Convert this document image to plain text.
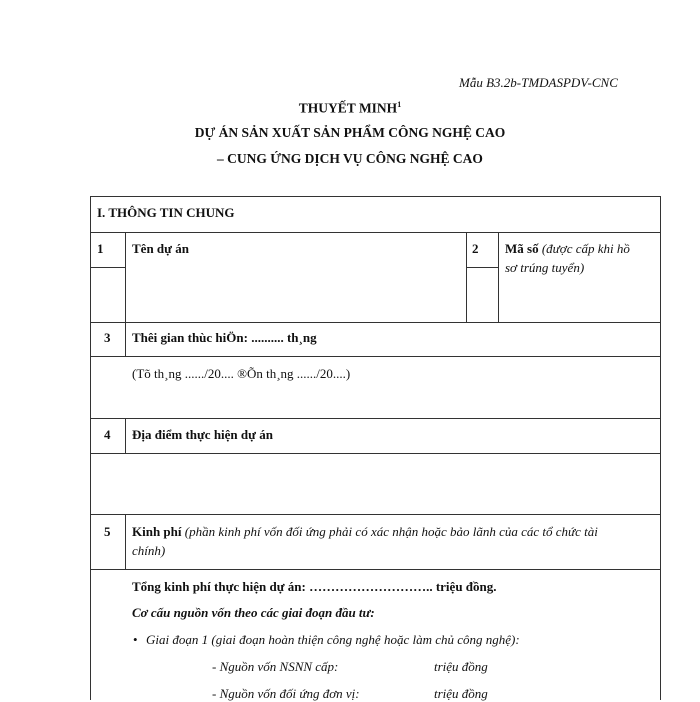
Mẫu B3.2b-TMDASPDV-CNC
THUYẾT MINH$^1$
DỰ ÁN SẢN XUẤT SẢN PHẨM CÔNG NGHỆ CAO
– CUNG ỨNG DỊCH VỤ CÔNG NGHỆ CAO
I. THÔNG TIN CHUNG
1 Tên dự án	2 Mã số (được cấp khi hồ
sơ trúng tuyển)
3 Thêi gian thùc hiÖn: .......... th¸ng
(Tõ th¸ng ....../20.... ®Õn th¸ng ....../20....)
4 Địa điểm thực hiện dự án
5 Kinh phí (phần kinh phí vốn đối ứng phải có xác nhận hoặc bảo lãnh của các tổ chức tài
chính)
Tổng kinh phí thực hiện dự án: ……………………….. triệu đồng.
Cơ cấu nguồn vốn theo các giai đoạn đầu tư:
• Giai đoạn 1 (giai đoạn hoàn thiện công nghệ hoặc làm chủ công nghệ):
- Nguồn vốn NSNN cấp:	triệu đồng
- Nguồn vốn đối ứng đơn vị:	triệu đồng
